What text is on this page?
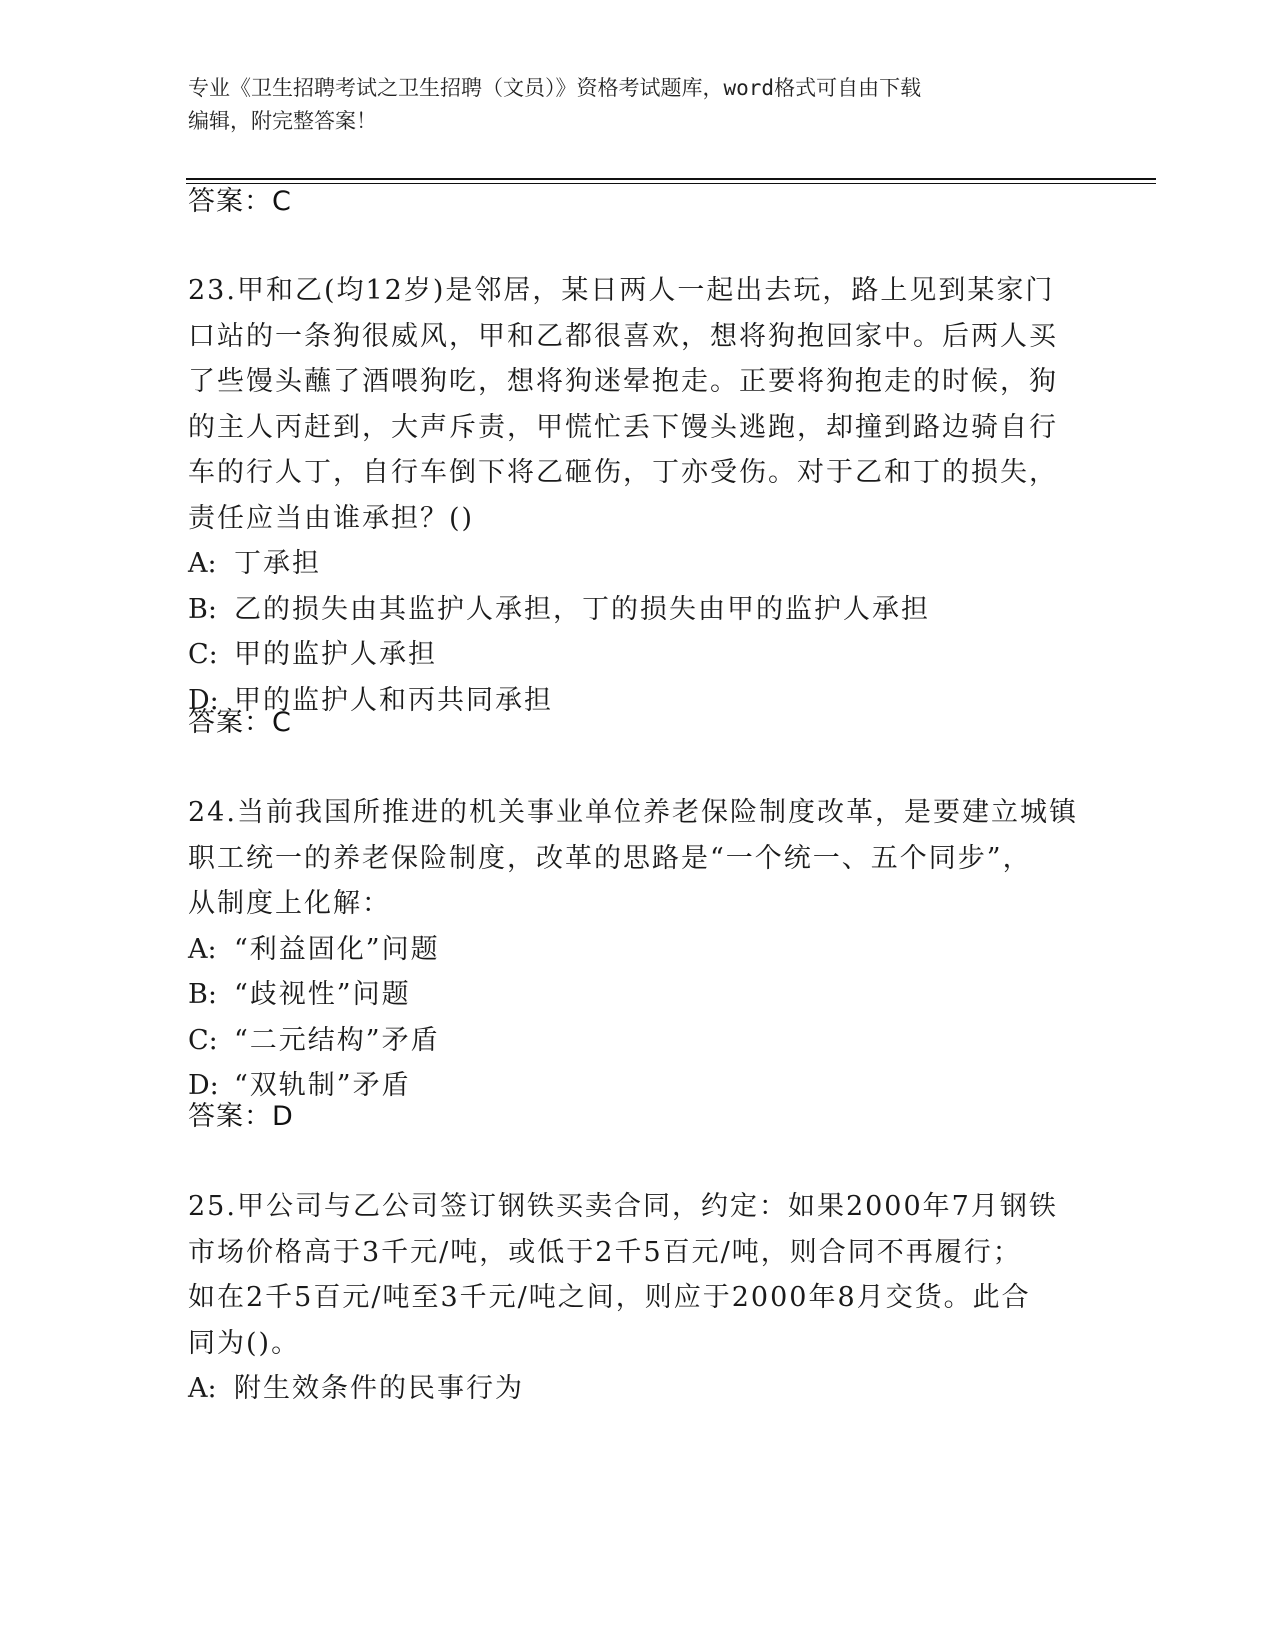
专业《卫生招聘考试之卫生招聘（文员）》资格考试题库，word格式可自由下载
编辑，附完整答案！
答案：C
23.甲和乙(均12岁)是邻居，某日两人一起出去玩，路上见到某家门
口站的一条狗很威风，甲和乙都很喜欢，想将狗抱回家中。后两人买
了些馒头蘸了酒喂狗吃，想将狗迷晕抱走。正要将狗抱走的时候，狗
的主人丙赶到，大声斥责，甲慌忙丢下馒头逃跑，却撞到路边骑自行
车的行人丁，自行车倒下将乙砸伤，丁亦受伤。对于乙和丁的损失，
责任应当由谁承担？()
A: 丁承担
B: 乙的损失由其监护人承担，丁的损失由甲的监护人承担
C: 甲的监护人承担
D: 甲的监护人和丙共同承担
答案：C
24.当前我国所推进的机关事业单位养老保险制度改革，是要建立城镇
职工统一的养老保险制度，改革的思路是“一个统一、五个同步”，
从制度上化解：
A: “利益固化”问题
B: “歧视性”问题
C: “二元结构”矛盾
D: “双轨制”矛盾
答案：D
25.甲公司与乙公司签订钢铁买卖合同，约定：如果2000年7月钢铁
市场价格高于3千元/吨，或低于2千5百元/吨，则合同不再履行；
如在2千5百元/吨至3千元/吨之间，则应于2000年8月交货。此合
同为()。
A: 附生效条件的民事行为
